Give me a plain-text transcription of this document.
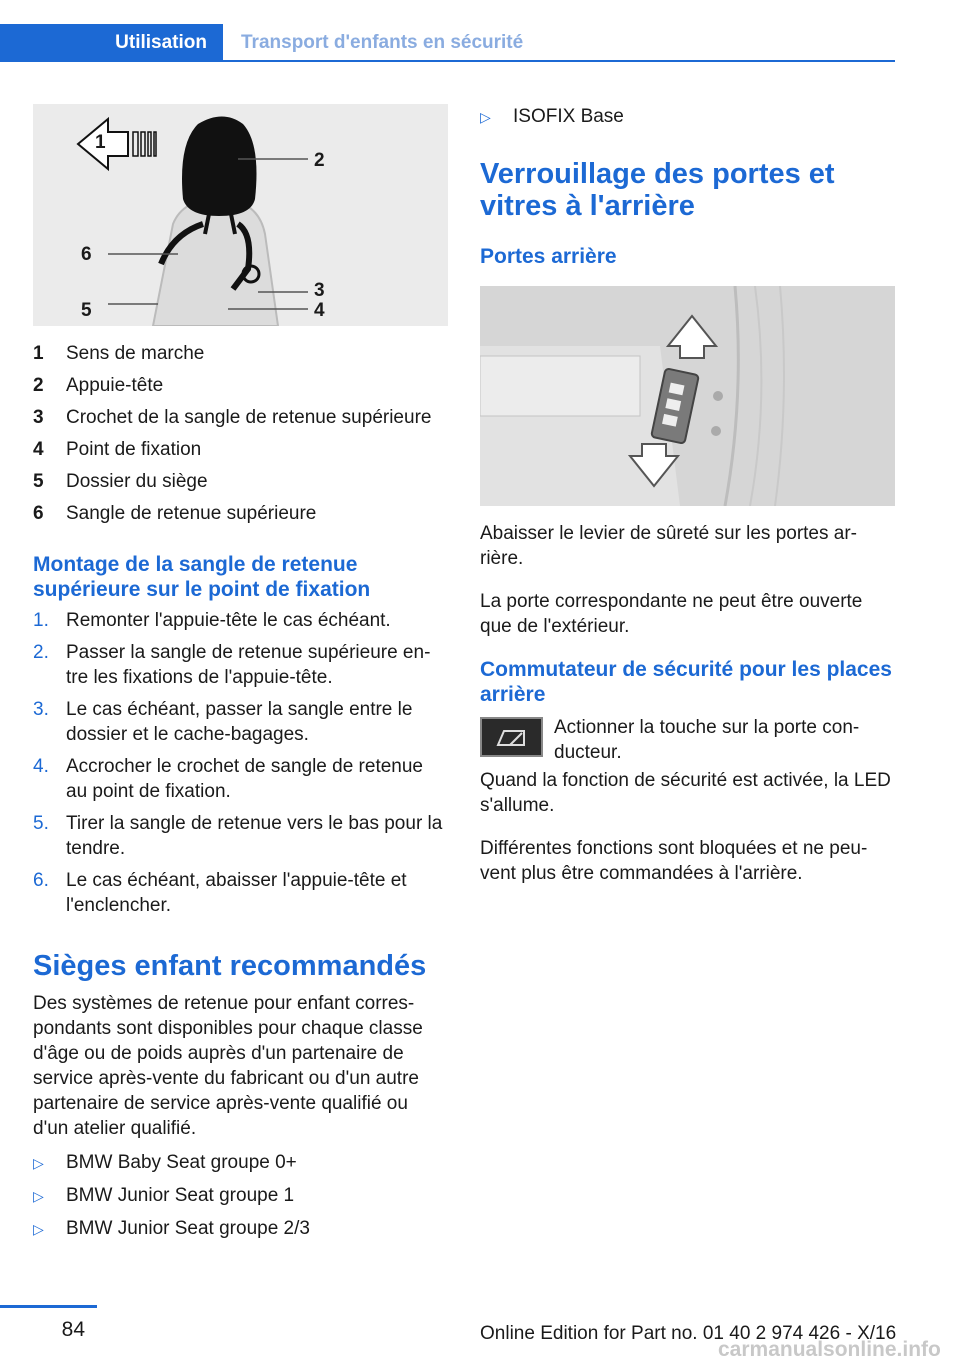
Utilisation	Transport d'enfants en sécurité
1
2
3
4
5
6
1	Sens de marche
2	Appuie-tête
3	Crochet de la sangle de retenue supérieure
4	Point de fixation
5	Dossier du siège
6	Sangle de retenue supérieure
Montage de la sangle de retenue supérieure sur le point de fixation
1. Remonter l'appuie-tête le cas échéant.
2. Passer la sangle de retenue supérieure en-tre les fixations de l'appuie-tête.
3. Le cas échéant, passer la sangle entre le dossier et le cache-bagages.
4. Accrocher le crochet de sangle de retenue au point de fixation.
5. Tirer la sangle de retenue vers le bas pour la tendre.
6. Le cas échéant, abaisser l'appuie-tête et l'enclencher.
Sièges enfant recommandés
Des systèmes de retenue pour enfant corres-pondants sont disponibles pour chaque classe d'âge ou de poids auprès d'un partenaire de service après-vente du fabricant ou d'un autre partenaire de service après-vente qualifié ou d'un atelier qualifié.
▷	BMW Baby Seat groupe 0+
▷	BMW Junior Seat groupe 1
▷	BMW Junior Seat groupe 2/3
▷	ISOFIX Base
Verrouillage des portes et vitres à l'arrière
Portes arrière
Abaisser le levier de sûreté sur les portes ar-rière.
La porte correspondante ne peut être ouverte que de l'extérieur.
Commutateur de sécurité pour les places arrière
Actionner la touche sur la porte con-ducteur.
Quand la fonction de sécurité est activée, la LED s'allume.
Différentes fonctions sont bloquées et ne peu-vent plus être commandées à l'arrière.
84	Online Edition for Part no. 01 40 2 974 426 - X/16
carmanualsonline.info
